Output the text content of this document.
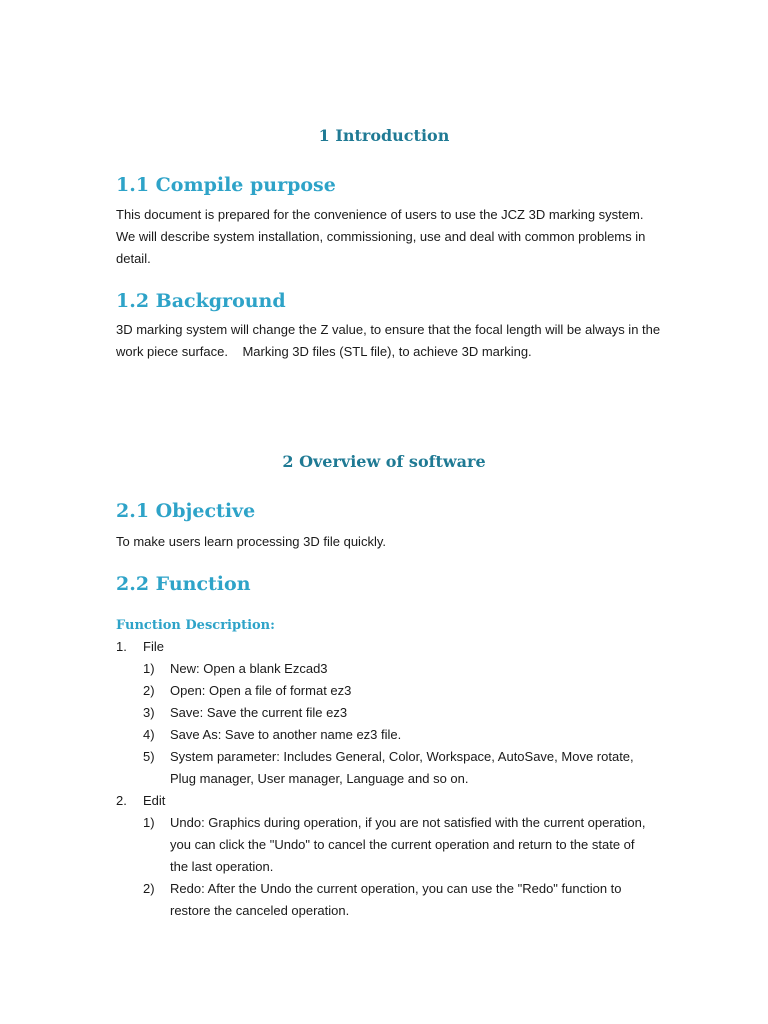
1 Introduction
1.1 Compile purpose

This document is prepared for the convenience of users to use the JCZ 3D marking system. We will describe system installation, commissioning, use and deal with common problems in detail.

1.2 Background

3D marking system will change the Z value, to ensure that the focal length will be always in the work piece surface.    Marking 3D files (STL file), to achieve 3D marking.

2 Overview of software
2.1 Objective

To make users learn processing 3D file quickly.

2.2 Function

Function Description:

1. File
1) New: Open a blank Ezcad3
2) Open: Open a file of format ez3
3) Save: Save the current file ez3
4) Save As: Save to another name ez3 file.
5) System parameter: Includes General, Color, Workspace, AutoSave, Move rotate, Plug manager, User manager, Language and so on.
2. Edit
1) Undo: Graphics during operation, if you are not satisfied with the current operation, you can click the "Undo" to cancel the current operation and return to the state of the last operation.
2) Redo: After the Undo the current operation, you can use the "Redo" function to restore the canceled operation.
